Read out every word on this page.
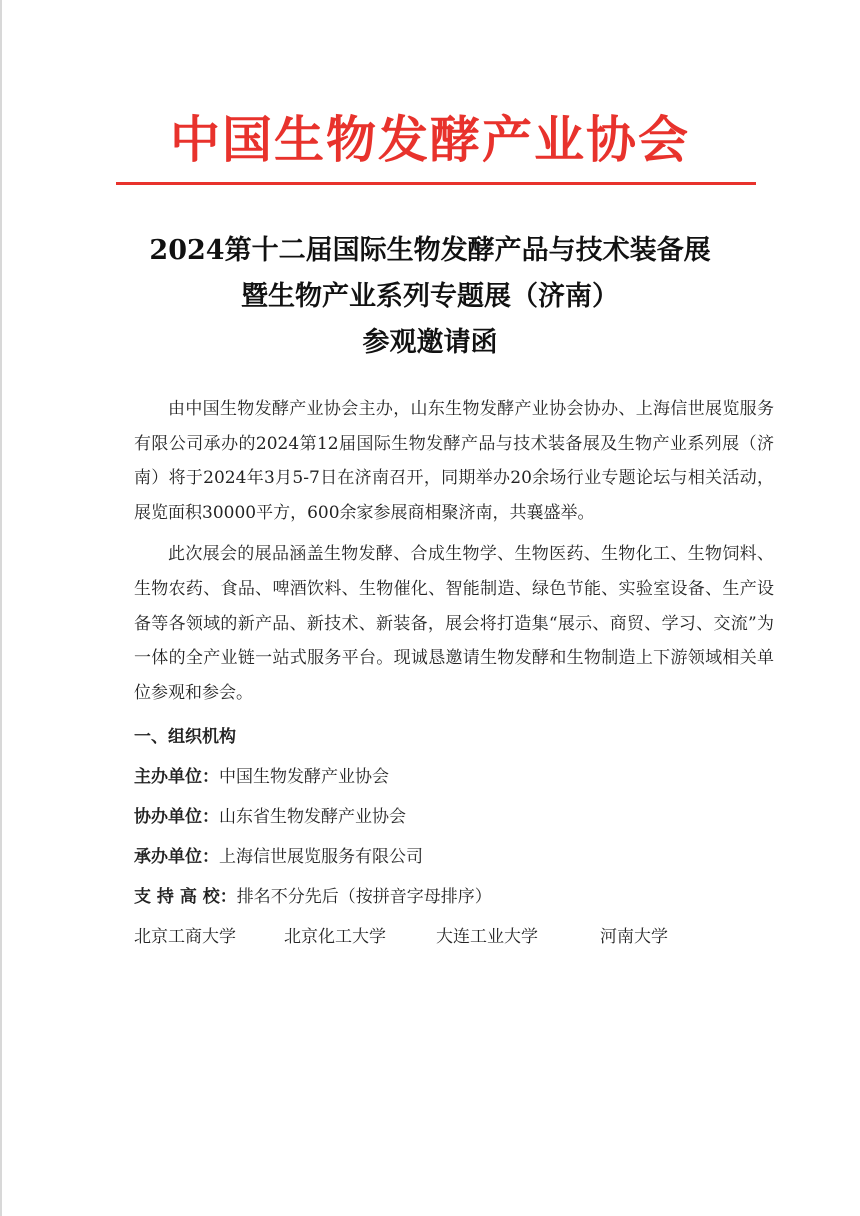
中国生物发酵产业协会
2024第十二届国际生物发酵产品与技术装备展
暨生物产业系列专题展（济南）
参观邀请函

由中国生物发酵产业协会主办，山东生物发酵产业协会协办、上海信世展览服务有限公司承办的2024第12届国际生物发酵产品与技术装备展及生物产业系列展（济南）将于2024年3月5-7日在济南召开，同期举办20余场行业专题论坛与相关活动，展览面积30000平方，600余家参展商相聚济南，共襄盛举。

此次展会的展品涵盖生物发酵、合成生物学、生物医药、生物化工、生物饲料、生物农药、食品、啤酒饮料、生物催化、智能制造、绿色节能、实验室设备、生产设备等各领域的新产品、新技术、新装备，展会将打造集“展示、商贸、学习、交流”为一体的全产业链一站式服务平台。现诚恳邀请生物发酵和生物制造上下游领域相关单位参观和参会。

一、组织机构

主办单位：中国生物发酵产业协会

协办单位：山东省生物发酵产业协会

承办单位：上海信世展览服务有限公司

支 持 高 校：排名不分先后（按拼音字母排序）

北京工商大学	北京化工大学	大连工业大学	河南大学
